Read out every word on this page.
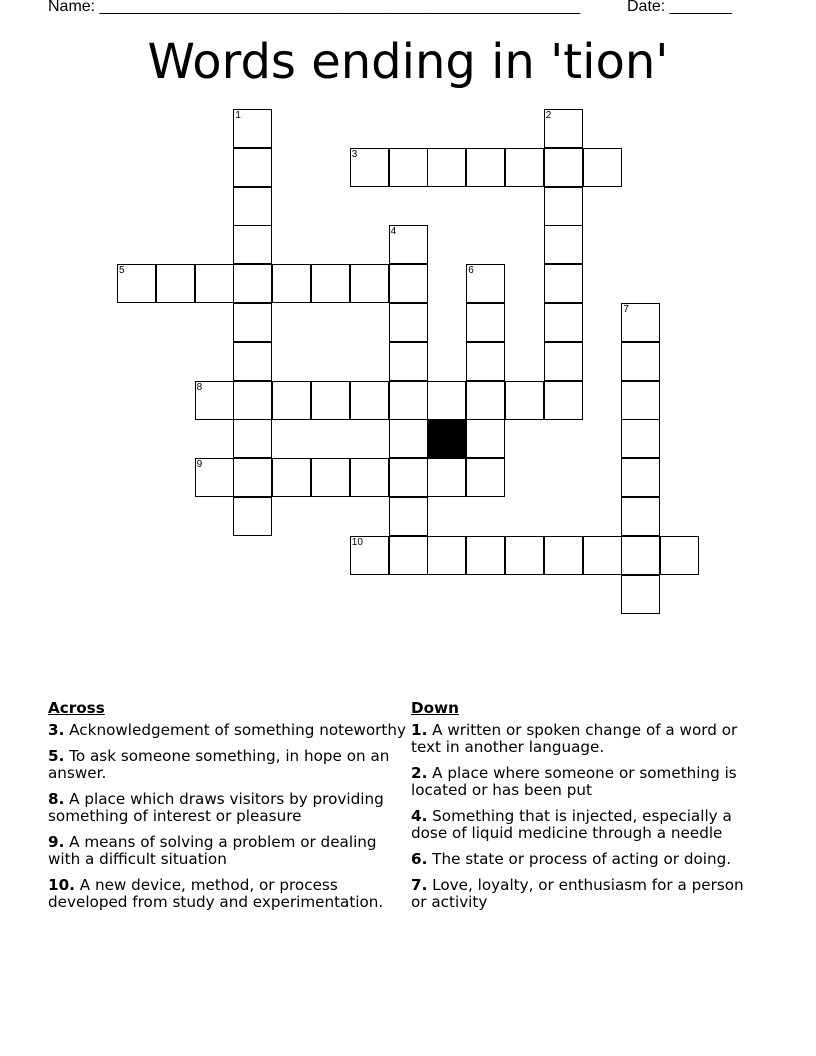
Name: ______________________________________________________	Date: _______
Words ending in 'tion'
1	2
3
4
5	6
7
8
9
10
Across
3. Acknowledgement of something noteworthy
5. To ask someone something, in hope on an answer.
8. A place which draws visitors by providing something of interest or pleasure
9. A means of solving a problem or dealing with a difficult situation
10. A new device, method, or process developed from study and experimentation.
Down
1. A written or spoken change of a word or text in another language.
2. A place where someone or something is located or has been put
4. Something that is injected, especially a dose of liquid medicine through a needle
6. The state or process of acting or doing.
7. Love, loyalty, or enthusiasm for a person or activity
